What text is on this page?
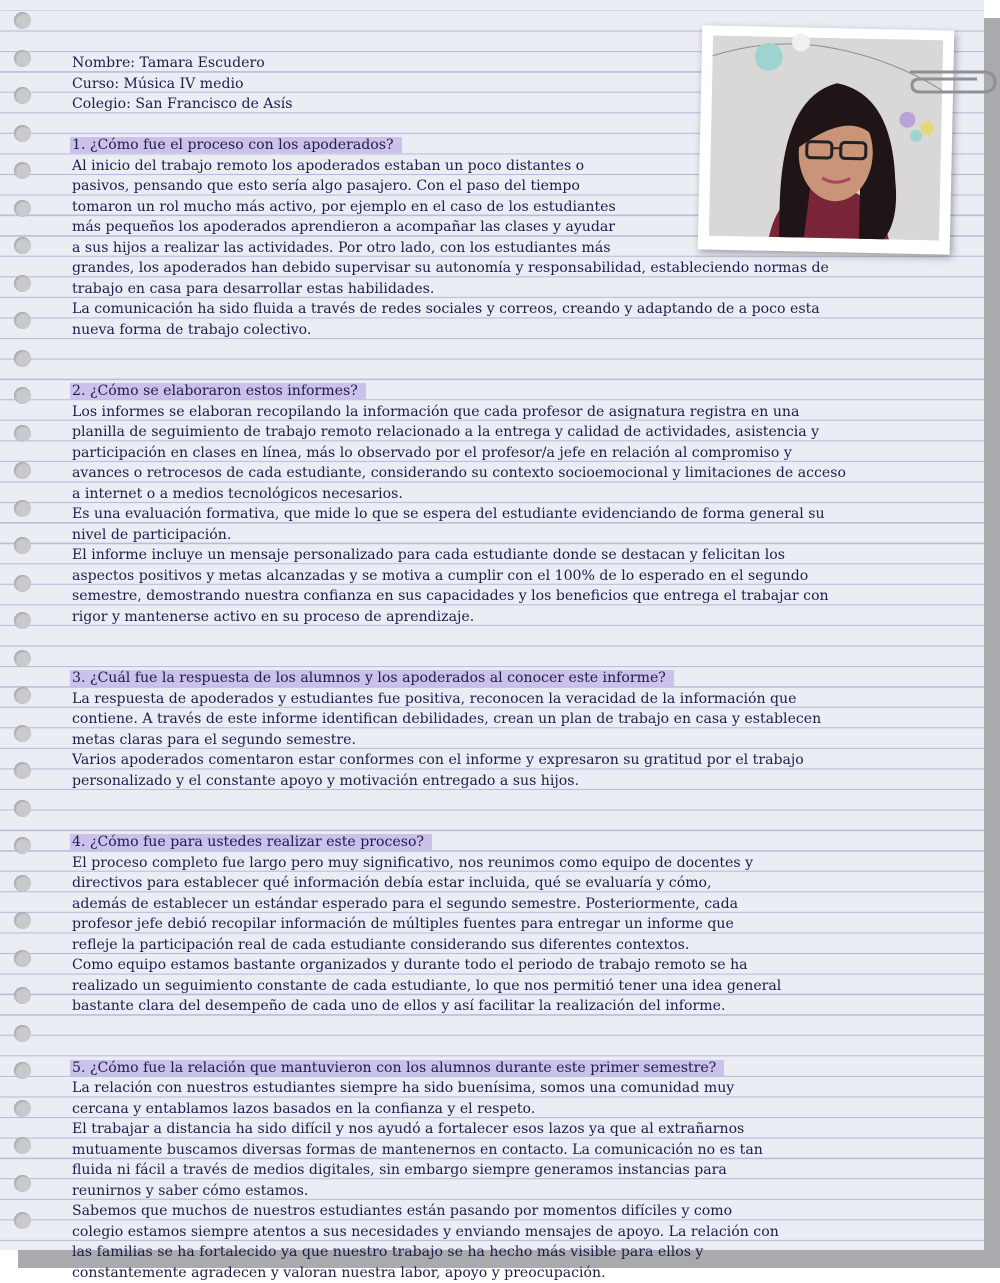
Nombre: Tamara Escudero
Curso: Música IV medio
Colegio: San Francisco de Asís
1. ¿Cómo fue el proceso con los apoderados?
Al inicio del trabajo remoto los apoderados estaban un poco distantes o
pasivos, pensando que esto sería algo pasajero. Con el paso del tiempo
tomaron un rol mucho más activo, por ejemplo en el caso de los estudiantes
más pequeños los apoderados aprendieron a acompañar las clases y ayudar
a sus hijos a realizar las actividades. Por otro lado, con los estudiantes más
grandes, los apoderados han debido supervisar su autonomía y responsabilidad, estableciendo normas de
trabajo en casa para desarrollar estas habilidades.
La comunicación ha sido fluida a través de redes sociales y correos, creando y adaptando de a poco esta
nueva forma de trabajo colectivo.
2. ¿Cómo se elaboraron estos informes?
Los informes se elaboran recopilando la información que cada profesor de asignatura registra en una
planilla de seguimiento de trabajo remoto relacionado a la entrega y calidad de actividades, asistencia y
participación en clases en línea, más lo observado por el profesor/a jefe en relación al compromiso y
avances o retrocesos de cada estudiante, considerando su contexto socioemocional y limitaciones de acceso
a internet o a medios tecnológicos necesarios.
Es una evaluación formativa, que mide lo que se espera del estudiante evidenciando de forma general su
nivel de participación.
El informe incluye un mensaje personalizado para cada estudiante donde se destacan y felicitan los
aspectos positivos y metas alcanzadas y se motiva a cumplir con el 100% de lo esperado en el segundo
semestre, demostrando nuestra confianza en sus capacidades y los beneficios que entrega el trabajar con
rigor y mantenerse activo en su proceso de aprendizaje.
3. ¿Cuál fue la respuesta de los alumnos y los apoderados al conocer este informe?
La respuesta de apoderados y estudiantes fue positiva, reconocen la veracidad de la información que
contiene. A través de este informe identifican debilidades, crean un plan de trabajo en casa y establecen
metas claras para el segundo semestre.
Varios apoderados comentaron estar conformes con el informe y expresaron su gratitud por el trabajo
personalizado y el constante apoyo y motivación entregado a sus hijos.
4. ¿Cómo fue para ustedes realizar este proceso?
El proceso completo fue largo pero muy significativo, nos reunimos como equipo de docentes y
directivos para establecer qué información debía estar incluida, qué se evaluaría y cómo,
además de establecer un estándar esperado para el segundo semestre. Posteriormente, cada
profesor jefe debió recopilar información de múltiples fuentes para entregar un informe que
refleje la participación real de cada estudiante considerando sus diferentes contextos.
Como equipo estamos bastante organizados y durante todo el periodo de trabajo remoto se ha
realizado un seguimiento constante de cada estudiante, lo que nos permitió tener una idea general
bastante clara del desempeño de cada uno de ellos y así facilitar la realización del informe.
5. ¿Cómo fue la relación que mantuvieron con los alumnos durante este primer semestre?
La relación con nuestros estudiantes siempre ha sido buenísima, somos una comunidad muy
cercana y entablamos lazos basados en la confianza y el respeto.
El trabajar a distancia ha sido difícil y nos ayudó a fortalecer esos lazos ya que al extrañarnos
mutuamente buscamos diversas formas de mantenernos en contacto. La comunicación no es tan
fluida ni fácil a través de medios digitales, sin embargo siempre generamos instancias para
reunirnos y saber cómo estamos.
Sabemos que muchos de nuestros estudiantes están pasando por momentos difíciles y como
colegio estamos siempre atentos a sus necesidades y enviando mensajes de apoyo. La relación con
las familias se ha fortalecido ya que nuestro trabajo se ha hecho más visible para ellos y
constantemente agradecen y valoran nuestra labor, apoyo y preocupación.
